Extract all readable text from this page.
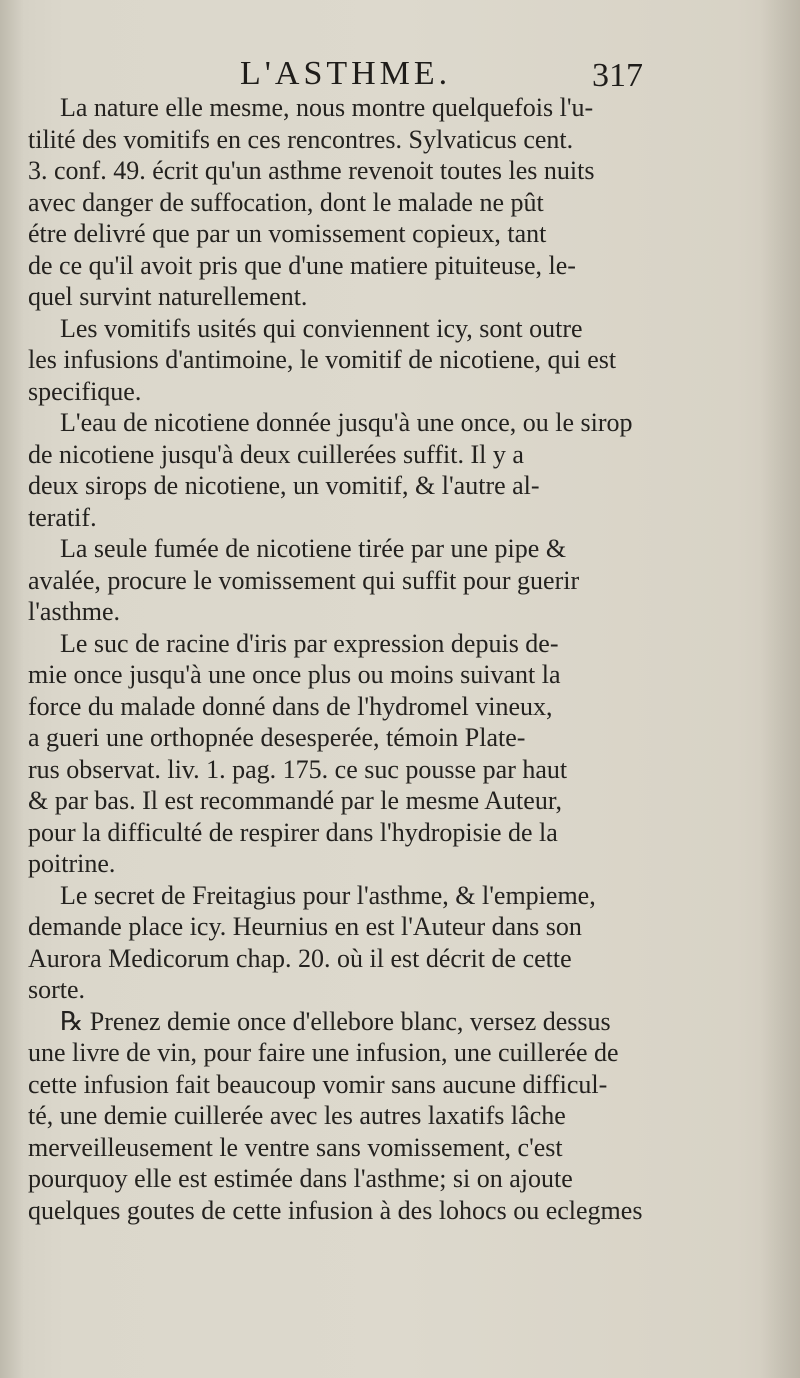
L'ASTHME.	317
La nature elle mesme, nous montre quelquefois l'u-
tilité des vomitifs en ces rencontres. Sylvaticus cent.
3. conf. 49. écrit qu'un asthme revenoit toutes les nuits
avec danger de suffocation, dont le malade ne pût
étre delivré que par un vomissement copieux, tant
de ce qu'il avoit pris que d'une matiere pituiteuse, le-
quel survint naturellement.
Les vomitifs usités qui conviennent icy, sont outre
les infusions d'antimoine, le vomitif de nicotiene, qui est
specifique.
L'eau de nicotiene donnée jusqu'à une once, ou le sirop
de nicotiene jusqu'à deux cuillerées suffit. Il y a
deux sirops de nicotiene, un vomitif, & l'autre al-
teratif.
La seule fumée de nicotiene tirée par une pipe &
avalée, procure le vomissement qui suffit pour guerir
l'asthme.
Le suc de racine d'iris par expression depuis de-
mie once jusqu'à une once plus ou moins suivant la
force du malade donné dans de l'hydromel vineux,
a gueri une orthopnée desesperée, témoin Plate-
rus observat. liv. 1. pag. 175. ce suc pousse par haut
& par bas. Il est recommandé par le mesme Auteur,
pour la difficulté de respirer dans l'hydropisie de la
poitrine.
Le secret de Freitagius pour l'asthme, & l'empieme,
demande place icy. Heurnius en est l'Auteur dans son
Aurora Medicorum chap. 20. où il est décrit de cette
sorte.
℞ Prenez demie once d'ellebore blanc, versez dessus
une livre de vin, pour faire une infusion, une cuillerée de
cette infusion fait beaucoup vomir sans aucune difficul-
té, une demie cuillerée avec les autres laxatifs lâche
merveilleusement le ventre sans vomissement, c'est
pourquoy elle est estimée dans l'asthme; si on ajoute
quelques goutes de cette infusion à des lohocs ou eclegmes
